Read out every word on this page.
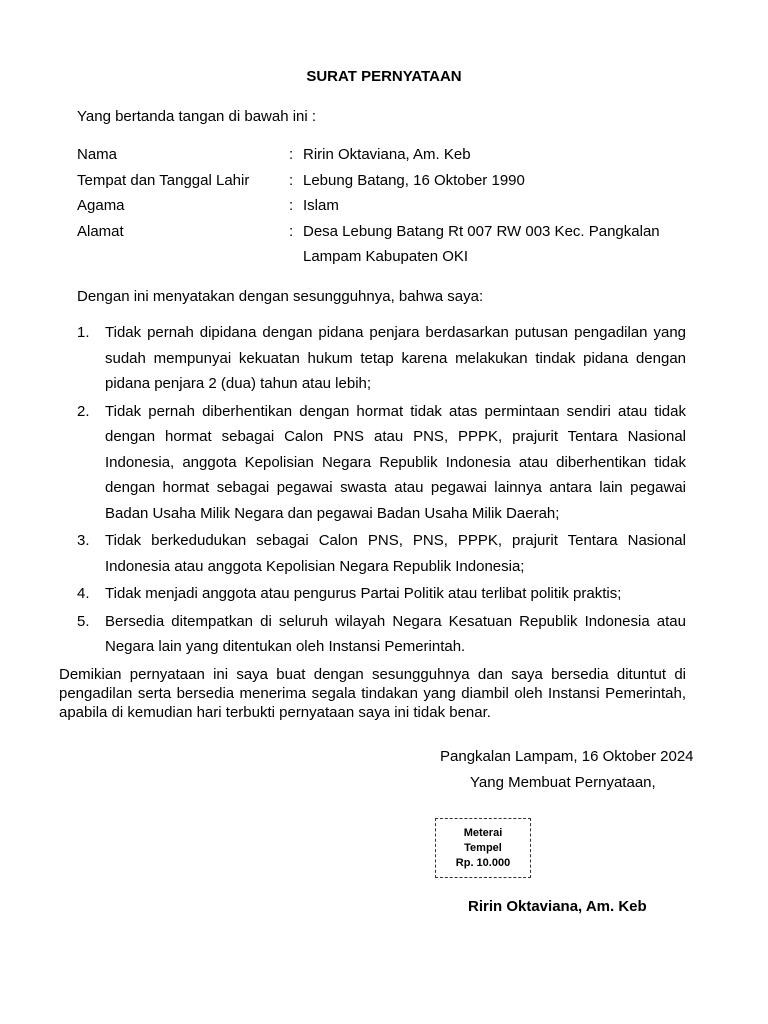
SURAT PERNYATAAN
Yang bertanda tangan di bawah ini :
Nama	: Ririn Oktaviana, Am. Keb
Tempat dan Tanggal Lahir	: Lebung Batang, 16 Oktober 1990
Agama	: Islam
Alamat	: Desa Lebung Batang Rt 007 RW 003 Kec. Pangkalan
Lampam Kabupaten OKI
Dengan ini menyatakan dengan sesungguhnya, bahwa saya:
1.	Tidak pernah dipidana dengan pidana penjara berdasarkan putusan pengadilan yang sudah mempunyai kekuatan hukum tetap karena melakukan tindak pidana dengan pidana penjara 2 (dua) tahun atau lebih;
2.	Tidak pernah diberhentikan dengan hormat tidak atas permintaan sendiri atau tidak dengan hormat sebagai Calon PNS atau PNS, PPPK, prajurit Tentara Nasional Indonesia, anggota Kepolisian Negara Republik Indonesia atau diberhentikan tidak dengan hormat sebagai pegawai swasta atau pegawai lainnya antara lain pegawai Badan Usaha Milik Negara dan pegawai Badan Usaha Milik Daerah;
3.	Tidak berkedudukan sebagai Calon PNS, PNS, PPPK, prajurit Tentara Nasional Indonesia atau anggota Kepolisian Negara Republik Indonesia;
4.	Tidak menjadi anggota atau pengurus Partai Politik atau terlibat politik praktis;
5.	Bersedia ditempatkan di seluruh wilayah Negara Kesatuan Republik Indonesia atau Negara lain yang ditentukan oleh Instansi Pemerintah.
Demikian pernyataan ini saya buat dengan sesungguhnya dan saya bersedia dituntut di pengadilan serta bersedia menerima segala tindakan yang diambil oleh Instansi Pemerintah, apabila di kemudian hari terbukti pernyataan saya ini tidak benar.
Pangkalan Lampam, 16 Oktober 2024
Yang Membuat Pernyataan,
Meterai
Tempel
Rp. 10.000
Ririn Oktaviana, Am. Keb
